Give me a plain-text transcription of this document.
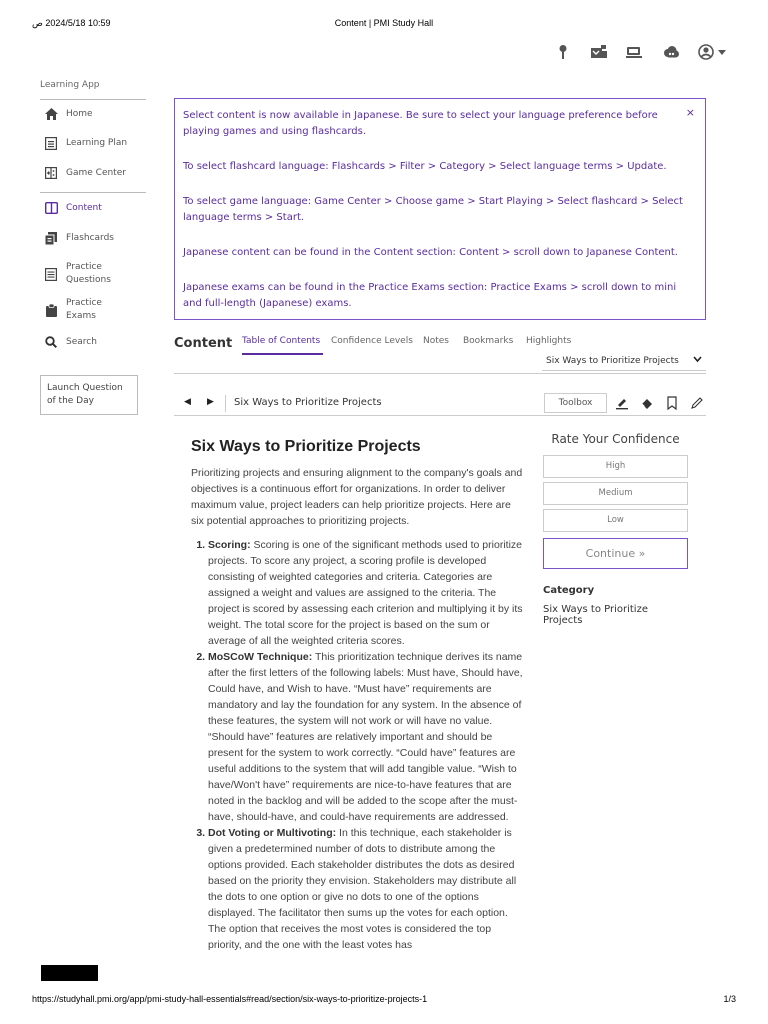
10:59 2024/5/18 ص	Content | PMI Study Hall
Learning App
Home
Learning Plan
Game Center
Content
Flashcards
Practice Questions
Practice Exams
Search
Launch Question of the Day
×

Select content is now available in Japanese. Be sure to select your language preference before playing games and using flashcards.

To select flashcard language: Flashcards > Filter > Category > Select language terms > Update.

To select game language: Game Center > Choose game > Start Playing > Select flashcard > Select language terms > Start.

Japanese content can be found in the Content section: Content > scroll down to Japanese Content.

Japanese exams can be found in the Practice Exams section: Practice Exams > scroll down to mini and full-length (Japanese) exams.

Content Table of Contents Confidence Levels Notes Bookmarks Highlights
Six Ways to Prioritize Projects
◀ ▶ Six Ways to Prioritize Projects	Toolbox
Six Ways to Prioritize Projects

Prioritizing projects and ensuring alignment to the company's goals and objectives is a continuous effort for organizations. In order to deliver maximum value, project leaders can help prioritize projects. Here are six potential approaches to prioritizing projects.

1. Scoring: Scoring is one of the significant methods used to prioritize projects. To score any project, a scoring profile is developed consisting of weighted categories and criteria. Categories are assigned a weight and values are assigned to the criteria. The project is scored by assessing each criterion and multiplying it by its weight. The total score for the project is based on the sum or average of all the weighted criteria scores.
2. MoSCoW Technique: This prioritization technique derives its name after the first letters of the following labels: Must have, Should have, Could have, and Wish to have. “Must have” requirements are mandatory and lay the foundation for any system. In the absence of these features, the system will not work or will have no value. “Should have” features are relatively important and should be present for the system to work correctly. “Could have” features are useful additions to the system that will add tangible value. “Wish to have/Won't have” requirements are nice-to-have features that are noted in the backlog and will be added to the scope after the must-have, should-have, and could-have requirements are addressed.
3. Dot Voting or Multivoting: In this technique, each stakeholder is given a predetermined number of dots to distribute among the options provided. Each stakeholder distributes the dots as desired based on the priority they envision. Stakeholders may distribute all the dots to one option or give no dots to one of the options displayed. The facilitator then sums up the votes for each option. The option that receives the most votes is considered the top priority, and the one with the least votes has
Rate Your Confidence
High
Medium
Low
Continue »
Category
Six Ways to Prioritize Projects
https://studyhall.pmi.org/app/pmi-study-hall-essentials#read/section/six-ways-to-prioritize-projects-1	1/3
